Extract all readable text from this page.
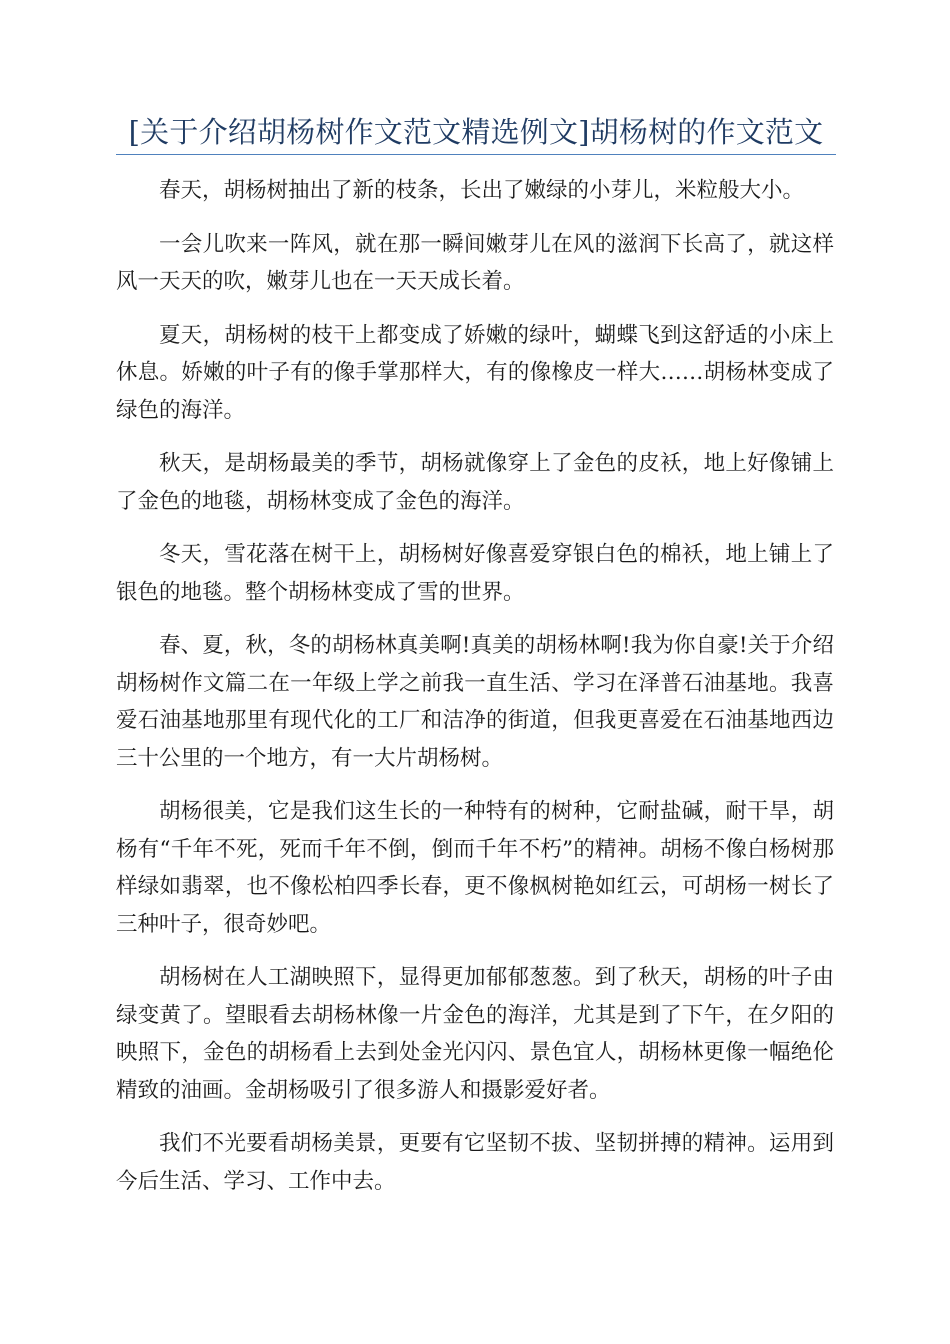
[关于介绍胡杨树作文范文精选例文]胡杨树的作文范文

春天，胡杨树抽出了新的枝条，长出了嫩绿的小芽儿，米粒般大小。

一会儿吹来一阵风，就在那一瞬间嫩芽儿在风的滋润下长高了，就这样风一天天的吹，嫩芽儿也在一天天成长着。

夏天，胡杨树的枝干上都变成了娇嫩的绿叶，蝴蝶飞到这舒适的小床上休息。娇嫩的叶子有的像手掌那样大，有的像橡皮一样大……胡杨林变成了绿色的海洋。

秋天，是胡杨最美的季节，胡杨就像穿上了金色的皮袄，地上好像铺上了金色的地毯，胡杨林变成了金色的海洋。

冬天，雪花落在树干上，胡杨树好像喜爱穿银白色的棉袄，地上铺上了银色的地毯。整个胡杨林变成了雪的世界。

春、夏，秋，冬的胡杨林真美啊!真美的胡杨林啊!我为你自豪!关于介绍胡杨树作文篇二在一年级上学之前我一直生活、学习在泽普石油基地。我喜爱石油基地那里有现代化的工厂和洁净的街道，但我更喜爱在石油基地西边三十公里的一个地方，有一大片胡杨树。

胡杨很美，它是我们这生长的一种特有的树种，它耐盐碱，耐干旱，胡杨有“千年不死，死而千年不倒，倒而千年不朽”的精神。胡杨不像白杨树那样绿如翡翠，也不像松柏四季长春，更不像枫树艳如红云，可胡杨一树长了三种叶子，很奇妙吧。

胡杨树在人工湖映照下，显得更加郁郁葱葱。到了秋天，胡杨的叶子由绿变黄了。望眼看去胡杨林像一片金色的海洋，尤其是到了下午，在夕阳的映照下，金色的胡杨看上去到处金光闪闪、景色宜人，胡杨林更像一幅绝伦精致的油画。金胡杨吸引了很多游人和摄影爱好者。

我们不光要看胡杨美景，更要有它坚韧不拔、坚韧拼搏的精神。运用到今后生活、学习、工作中去。
